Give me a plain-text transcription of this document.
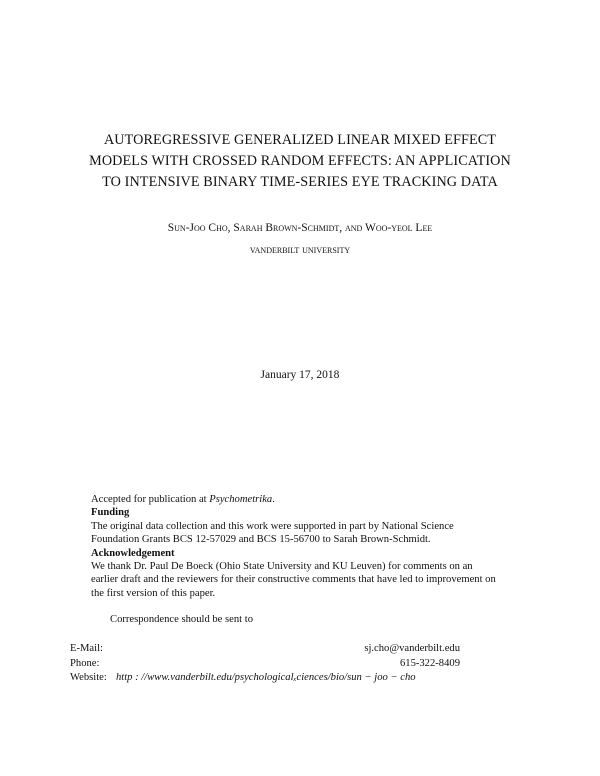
AUTOREGRESSIVE GENERALIZED LINEAR MIXED EFFECT
MODELS WITH CROSSED RANDOM EFFECTS: AN APPLICATION
TO INTENSIVE BINARY TIME-SERIES EYE TRACKING DATA
Sun-Joo Cho, Sarah Brown-Schmidt, and Woo-yeol Lee
vanderbilt university
January 17, 2018
Accepted for publication at Psychometrika.
Funding
The original data collection and this work were supported in part by National Science
Foundation Grants BCS 12-57029 and BCS 15-56700 to Sarah Brown-Schmidt.
Acknowledgement
We thank Dr. Paul De Boeck (Ohio State University and KU Leuven) for comments on an
earlier draft and the reviewers for their constructive comments that have led to improvement on
the first version of this paper.
Correspondence should be sent to
E-Mail:	sj.cho@vanderbilt.edu
Phone:	615-322-8409
Website: http : //www.vanderbilt.edu/psychologicalₓciences/bio/sun − joo − cho
